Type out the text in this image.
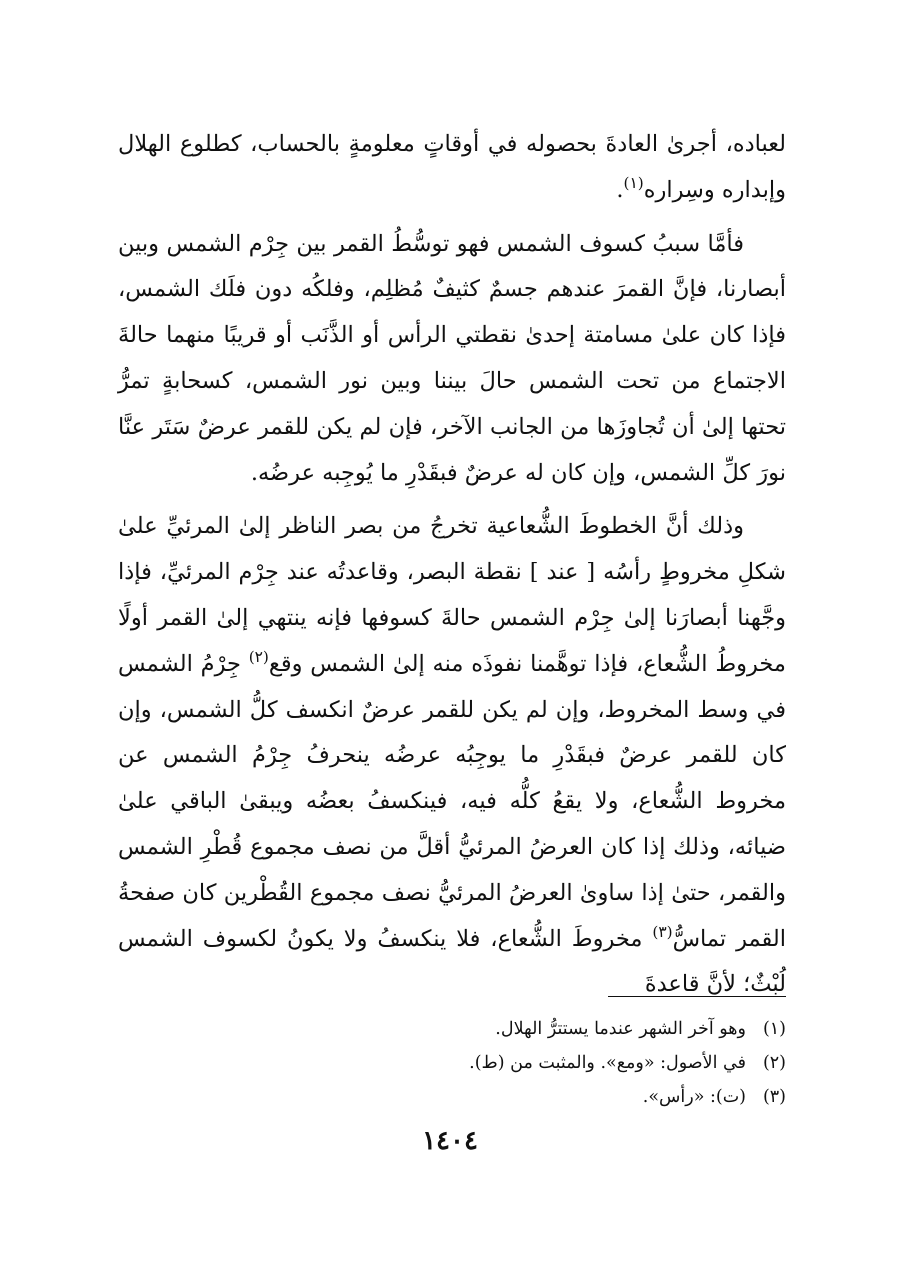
لعباده، أجرىٰ العادةَ بحصوله في أوقاتٍ معلومةٍ بالحساب، كطلوع الهلال وإبداره وسِراره$^{(١)}$.

فأمَّا سببُ كسوف الشمس فهو توسُّطُ القمر بين جِرْم الشمس وبين أبصارنا، فإنَّ القمرَ عندهم جسمٌ كثيفٌ مُظلِم، وفلكُه دون فلَك الشمس، فإذا كان علىٰ مسامتة إحدىٰ نقطتي الرأس أو الذَّنَب أو قريبًا منهما حالةَ الاجتماع من تحت الشمس حالَ بيننا وبين نور الشمس، كسحابةٍ تمرُّ تحتها إلىٰ أن تُجاوزَها من الجانب الآخر، فإن لم يكن للقمر عرضٌ سَتَر عنَّا نورَ كلِّ الشمس، وإن كان له عرضٌ فبقَدْرِ ما يُوجِبه عرضُه.

وذلك أنَّ الخطوطَ الشُّعاعية تخرجُ من بصر الناظر إلىٰ المرئيِّ علىٰ شكلِ مخروطٍ رأسُه [ عند ] نقطة البصر، وقاعدتُه عند جِرْم المرئيِّ، فإذا وجَّهنا أبصارَنا إلىٰ جِرْم الشمس حالةَ كسوفها فإنه ينتهي إلىٰ القمر أولًا مخروطُ الشُّعاع، فإذا توهَّمنا نفوذَه منه إلىٰ الشمس وقع$^{(٢)}$ جِرْمُ الشمس في وسط المخروط، وإن لم يكن للقمر عرضٌ انكسف كلُّ الشمس، وإن كان للقمر عرضٌ فبقَدْرِ ما يوجِبُه عرضُه ينحرفُ جِرْمُ الشمس عن مخروط الشُّعاع، ولا يقعُ كلُّه فيه، فينكسفُ بعضُه ويبقىٰ الباقي علىٰ ضيائه، وذلك إذا كان العرضُ المرئيُّ أقلَّ من نصف مجموع قُطْرِ الشمس والقمر، حتىٰ إذا ساوىٰ العرضُ المرئيُّ نصف مجموع القُطْرين كان صفحةُ القمر تماسُّ$^{(٣)}$ مخروطَ الشُّعاع، فلا ينكسفُ ولا يكونُ لكسوف الشمس لُبْثٌ؛ لأنَّ قاعدةَ

(١)
وهو آخر الشهر عندما يستترُّ الهلال.
(٢)
في الأصول: «ومع». والمثبت من (ط).
(٣)
(ت): «رأس».
١٤٠٤
